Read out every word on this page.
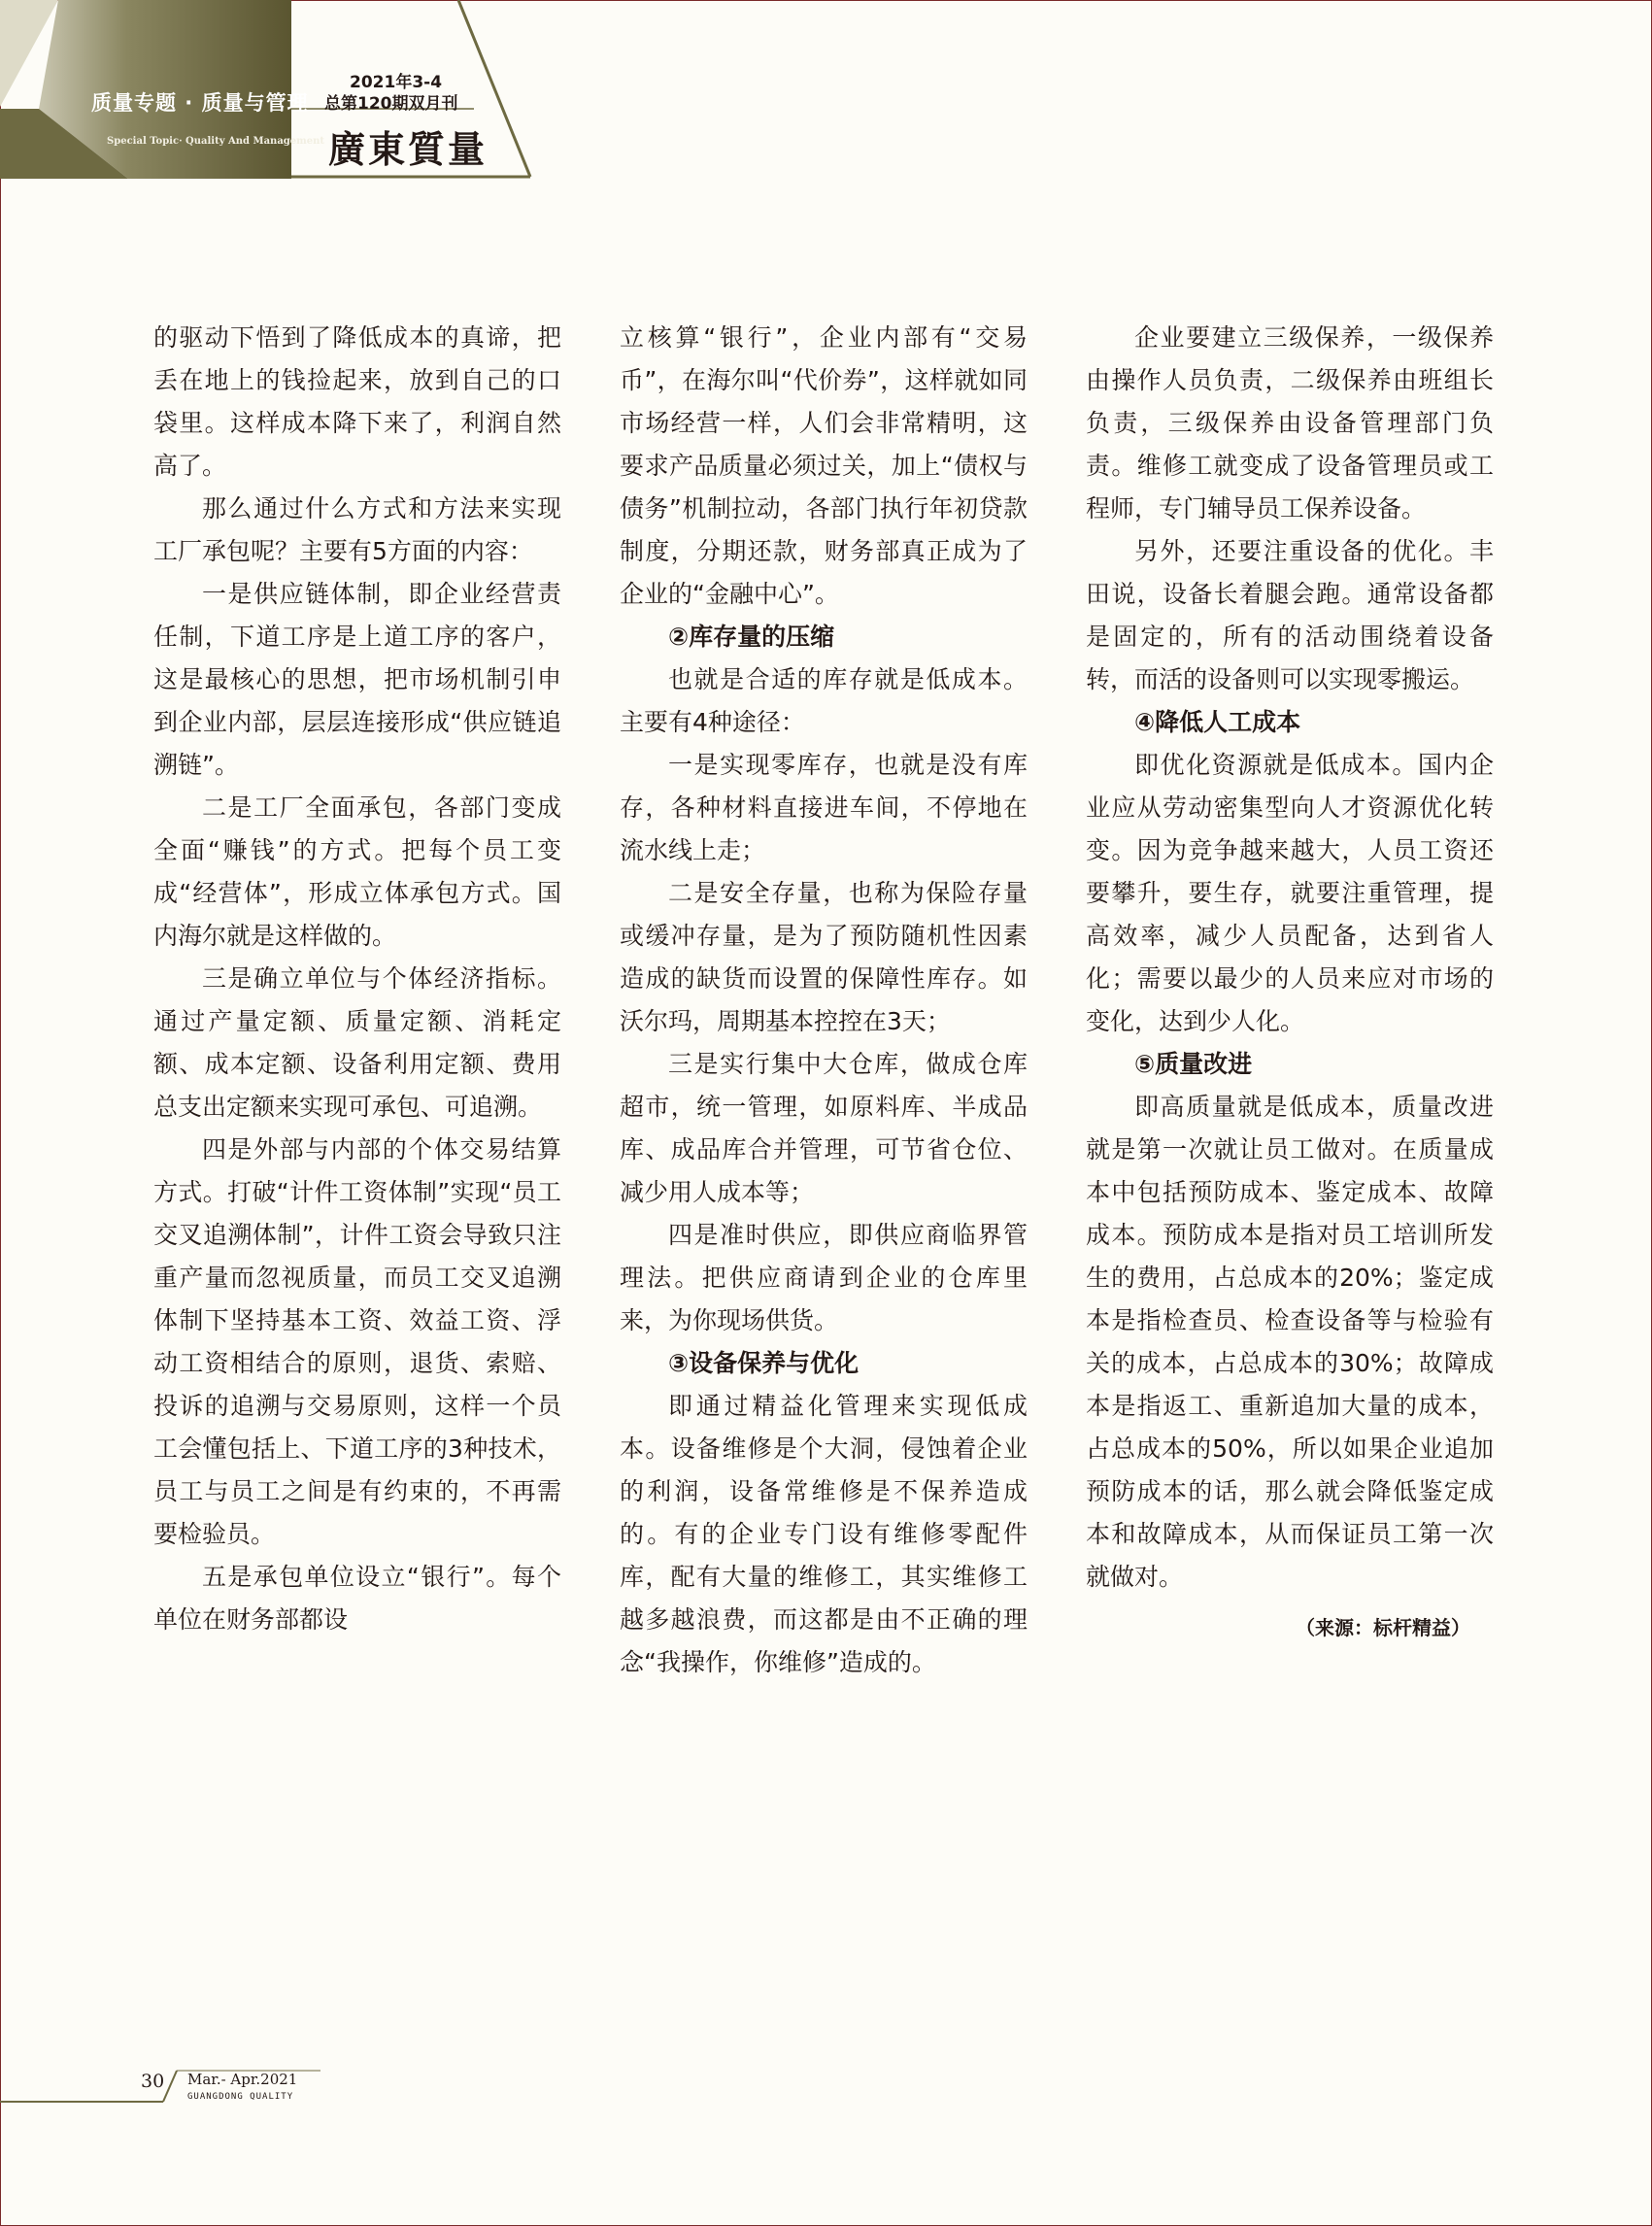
质量专题 · 质量与管理
Special Topic· Quality And Management
2021年3-4
总第120期双月刊
廣東質量

的驱动下悟到了降低成本的真谛，把丢在地上的钱捡起来，放到自己的口袋里。这样成本降下来了，利润自然高了。

那么通过什么方式和方法来实现工厂承包呢？主要有5方面的内容：

一是供应链体制，即企业经营责任制，下道工序是上道工序的客户，这是最核心的思想，把市场机制引申到企业内部，层层连接形成“供应链追溯链”。

二是工厂全面承包，各部门变成全面“赚钱”的方式。把每个员工变成“经营体”，形成立体承包方式。国内海尔就是这样做的。

三是确立单位与个体经济指标。通过产量定额、质量定额、消耗定额、成本定额、设备利用定额、费用总支出定额来实现可承包、可追溯。

四是外部与内部的个体交易结算方式。打破“计件工资体制”实现“员工交叉追溯体制”，计件工资会导致只注重产量而忽视质量，而员工交叉追溯体制下坚持基本工资、效益工资、浮动工资相结合的原则，退货、索赔、投诉的追溯与交易原则，这样一个员工会懂包括上、下道工序的3种技术，员工与员工之间是有约束的，不再需要检验员。

五是承包单位设立“银行”。每个单位在财务部都设

立核算“银行”，企业内部有“交易币”，在海尔叫“代价券”，这样就如同市场经营一样，人们会非常精明，这要求产品质量必须过关，加上“债权与债务”机制拉动，各部门执行年初贷款制度，分期还款，财务部真正成为了企业的“金融中心”。

②库存量的压缩

也就是合适的库存就是低成本。主要有4种途径：

一是实现零库存，也就是没有库存，各种材料直接进车间，不停地在流水线上走；

二是安全存量，也称为保险存量或缓冲存量，是为了预防随机性因素造成的缺货而设置的保障性库存。如沃尔玛，周期基本控控在3天；

三是实行集中大仓库，做成仓库超市，统一管理，如原料库、半成品库、成品库合并管理，可节省仓位、减少用人成本等；

四是准时供应，即供应商临界管理法。把供应商请到企业的仓库里来，为你现场供货。

③设备保养与优化

即通过精益化管理来实现低成本。设备维修是个大洞，侵蚀着企业的利润，设备常维修是不保养造成的。有的企业专门设有维修零配件库，配有大量的维修工，其实维修工越多越浪费，而这都是由不正确的理念“我操作，你维修”造成的。

企业要建立三级保养，一级保养由操作人员负责，二级保养由班组长负责，三级保养由设备管理部门负责。维修工就变成了设备管理员或工程师，专门辅导员工保养设备。

另外，还要注重设备的优化。丰田说，设备长着腿会跑。通常设备都是固定的，所有的活动围绕着设备转，而活的设备则可以实现零搬运。

④降低人工成本

即优化资源就是低成本。国内企业应从劳动密集型向人才资源优化转变。因为竞争越来越大，人员工资还要攀升，要生存，就要注重管理，提高效率，减少人员配备，达到省人化；需要以最少的人员来应对市场的变化，达到少人化。

⑤质量改进

即高质量就是低成本，质量改进就是第一次就让员工做对。在质量成本中包括预防成本、鉴定成本、故障成本。预防成本是指对员工培训所发生的费用，占总成本的20%；鉴定成本是指检查员、检查设备等与检验有关的成本，占总成本的30%；故障成本是指返工、重新追加大量的成本，占总成本的50%，所以如果企业追加预防成本的话，那么就会降低鉴定成本和故障成本，从而保证员工第一次就做对。

（来源：标杆精益）

30 Mar.- Apr.2021
GUANGDONG QUALITY
